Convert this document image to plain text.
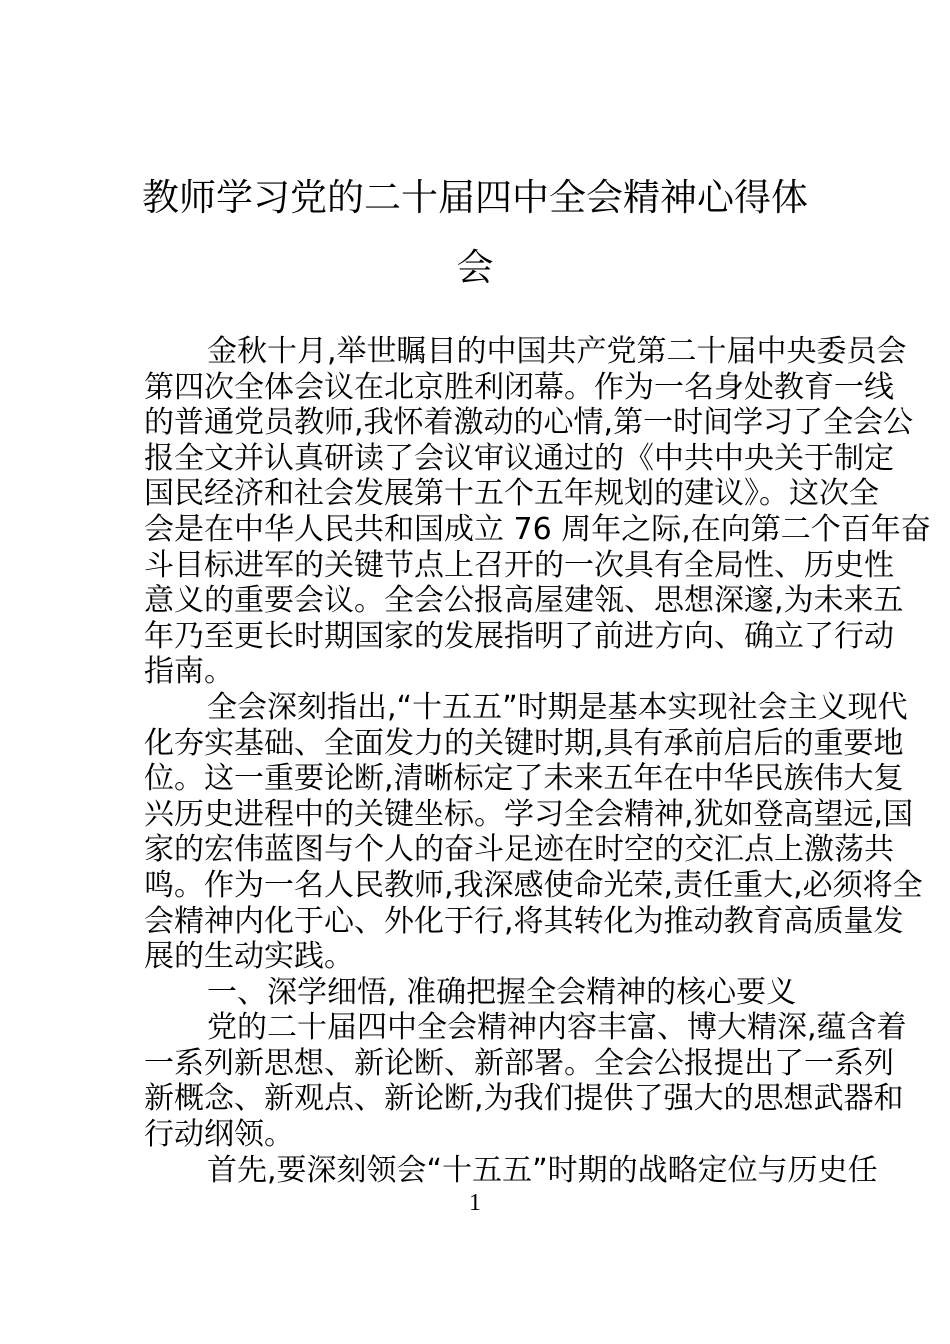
教师学习党的二十届四中全会精神心得体
会
金秋十月,举世瞩目的中国共产党第二十届中央委员会
第四次全体会议在北京胜利闭幕。作为一名身处教育一线
的普通党员教师,我怀着激动的心情,第一时间学习了全会公
报全文并认真研读了会议审议通过的《中共中央关于制定
国民经济和社会发展第十五个五年规划的建议》。这次全
会是在中华人民共和国成立 76 周年之际,在向第二个百年奋
斗目标进军的关键节点上召开的一次具有全局性、历史性
意义的重要会议。全会公报高屋建瓴、思想深邃,为未来五
年乃至更长时期国家的发展指明了前进方向、确立了行动
指南。
全会深刻指出,“十五五”时期是基本实现社会主义现代
化夯实基础、全面发力的关键时期,具有承前启后的重要地
位。这一重要论断,清晰标定了未来五年在中华民族伟大复
兴历史进程中的关键坐标。学习全会精神,犹如登高望远,国
家的宏伟蓝图与个人的奋斗足迹在时空的交汇点上激荡共
鸣。作为一名人民教师,我深感使命光荣,责任重大,必须将全
会精神内化于心、外化于行,将其转化为推动教育高质量发
展的生动实践。
一、深学细悟, 准确把握全会精神的核心要义
党的二十届四中全会精神内容丰富、博大精深,蕴含着
一系列新思想、新论断、新部署。全会公报提出了一系列
新概念、新观点、新论断,为我们提供了强大的思想武器和
行动纲领。
首先,要深刻领会“十五五”时期的战略定位与历史任
1
